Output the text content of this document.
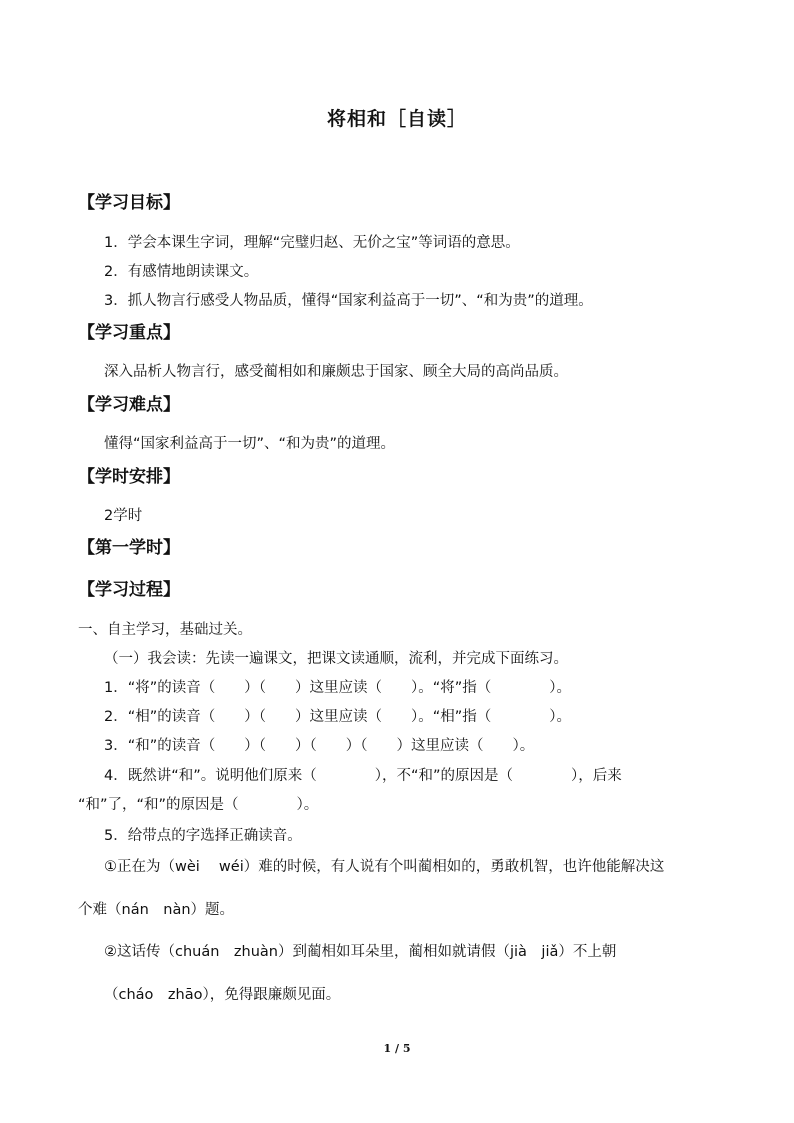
将相和［自读］
【学习目标】
1．学会本课生字词，理解“完璧归赵、无价之宝”等词语的意思。
2．有感情地朗读课文。
3．抓人物言行感受人物品质，懂得“国家利益高于一切”、“和为贵”的道理。
【学习重点】
深入品析人物言行，感受蔺相如和廉颇忠于国家、顾全大局的高尚品质。
【学习难点】
懂得“国家利益高于一切”、“和为贵”的道理。
【学时安排】
2学时
【第一学时】
【学习过程】
一、自主学习，基础过关。
（一）我会读：先读一遍课文，把课文读通顺，流利，并完成下面练习。
1．“将”的读音（　　）（　　）这里应读（　　）。“将”指（　　　　）。
2．“相”的读音（　　）（　　）这里应读（　　）。“相”指（　　　　）。
3．“和”的读音（　　）（　　）（　　）（　　）这里应读（　　）。
4．既然讲“和”。说明他们原来（　　　　），不“和”的原因是（　　　　），后来
“和”了，“和”的原因是（　　　　）。
5．给带点的字选择正确读音。
①正在为（wèi　 wéi）难的时候，有人说有个叫蔺相如的，勇敢机智，也许他能解决这
个难（nán　nàn）题。
②这话传（chuán　zhuàn）到蔺相如耳朵里，蔺相如就请假（jià　jiǎ）不上朝
（cháo　zhāo），免得跟廉颇见面。
1 / 5
